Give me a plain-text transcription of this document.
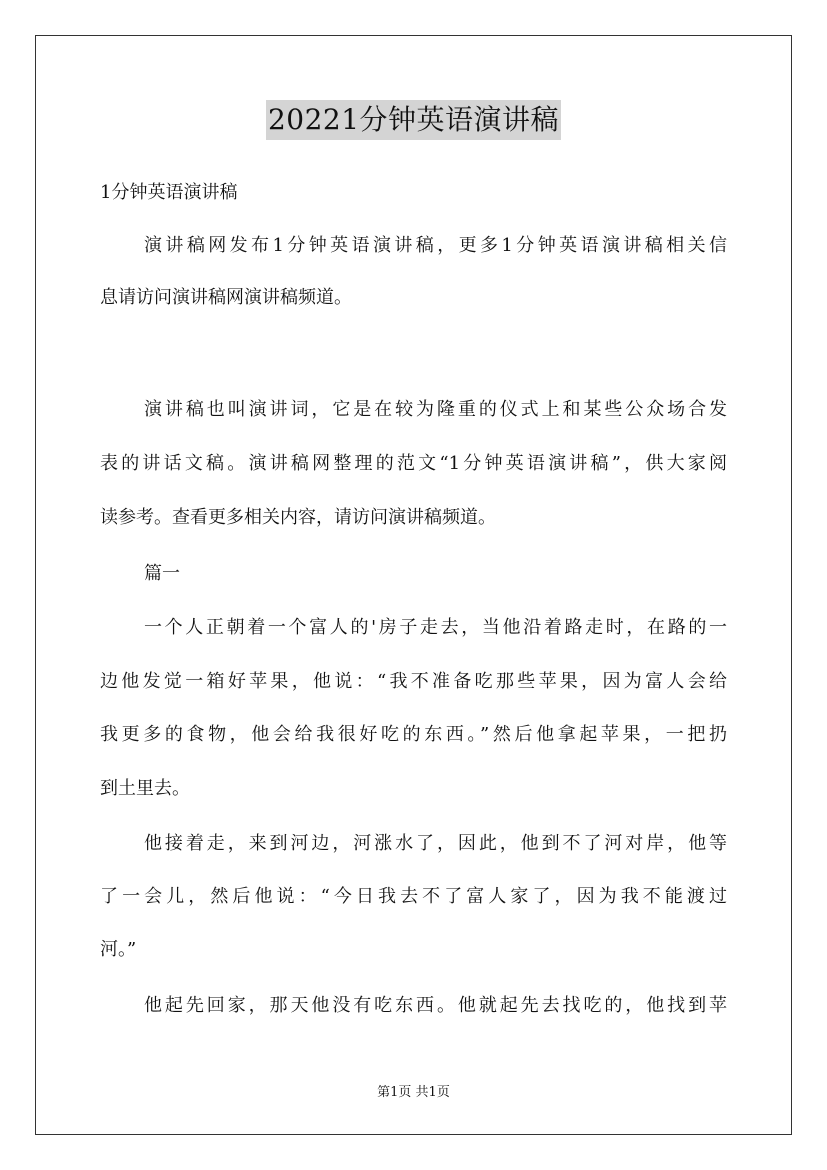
20221分钟英语演讲稿
1分钟英语演讲稿
演讲稿网发布1分钟英语演讲稿，更多1分钟英语演讲稿相关信
息请访问演讲稿网演讲稿频道。
演讲稿也叫演讲词，它是在较为隆重的仪式上和某些公众场合发
表的讲话文稿。演讲稿网整理的范文“1分钟英语演讲稿”，供大家阅
读参考。查看更多相关内容，请访问演讲稿频道。
篇一
一个人正朝着一个富人的'房子走去，当他沿着路走时，在路的一
边他发觉一箱好苹果，他说：“我不准备吃那些苹果，因为富人会给
我更多的食物，他会给我很好吃的东西。”然后他拿起苹果，一把扔
到土里去。
他接着走，来到河边，河涨水了，因此，他到不了河对岸，他等
了一会儿，然后他说：“今日我去不了富人家了，因为我不能渡过
河。”
他起先回家，那天他没有吃东西。他就起先去找吃的，他找到苹
第1页 共1页
